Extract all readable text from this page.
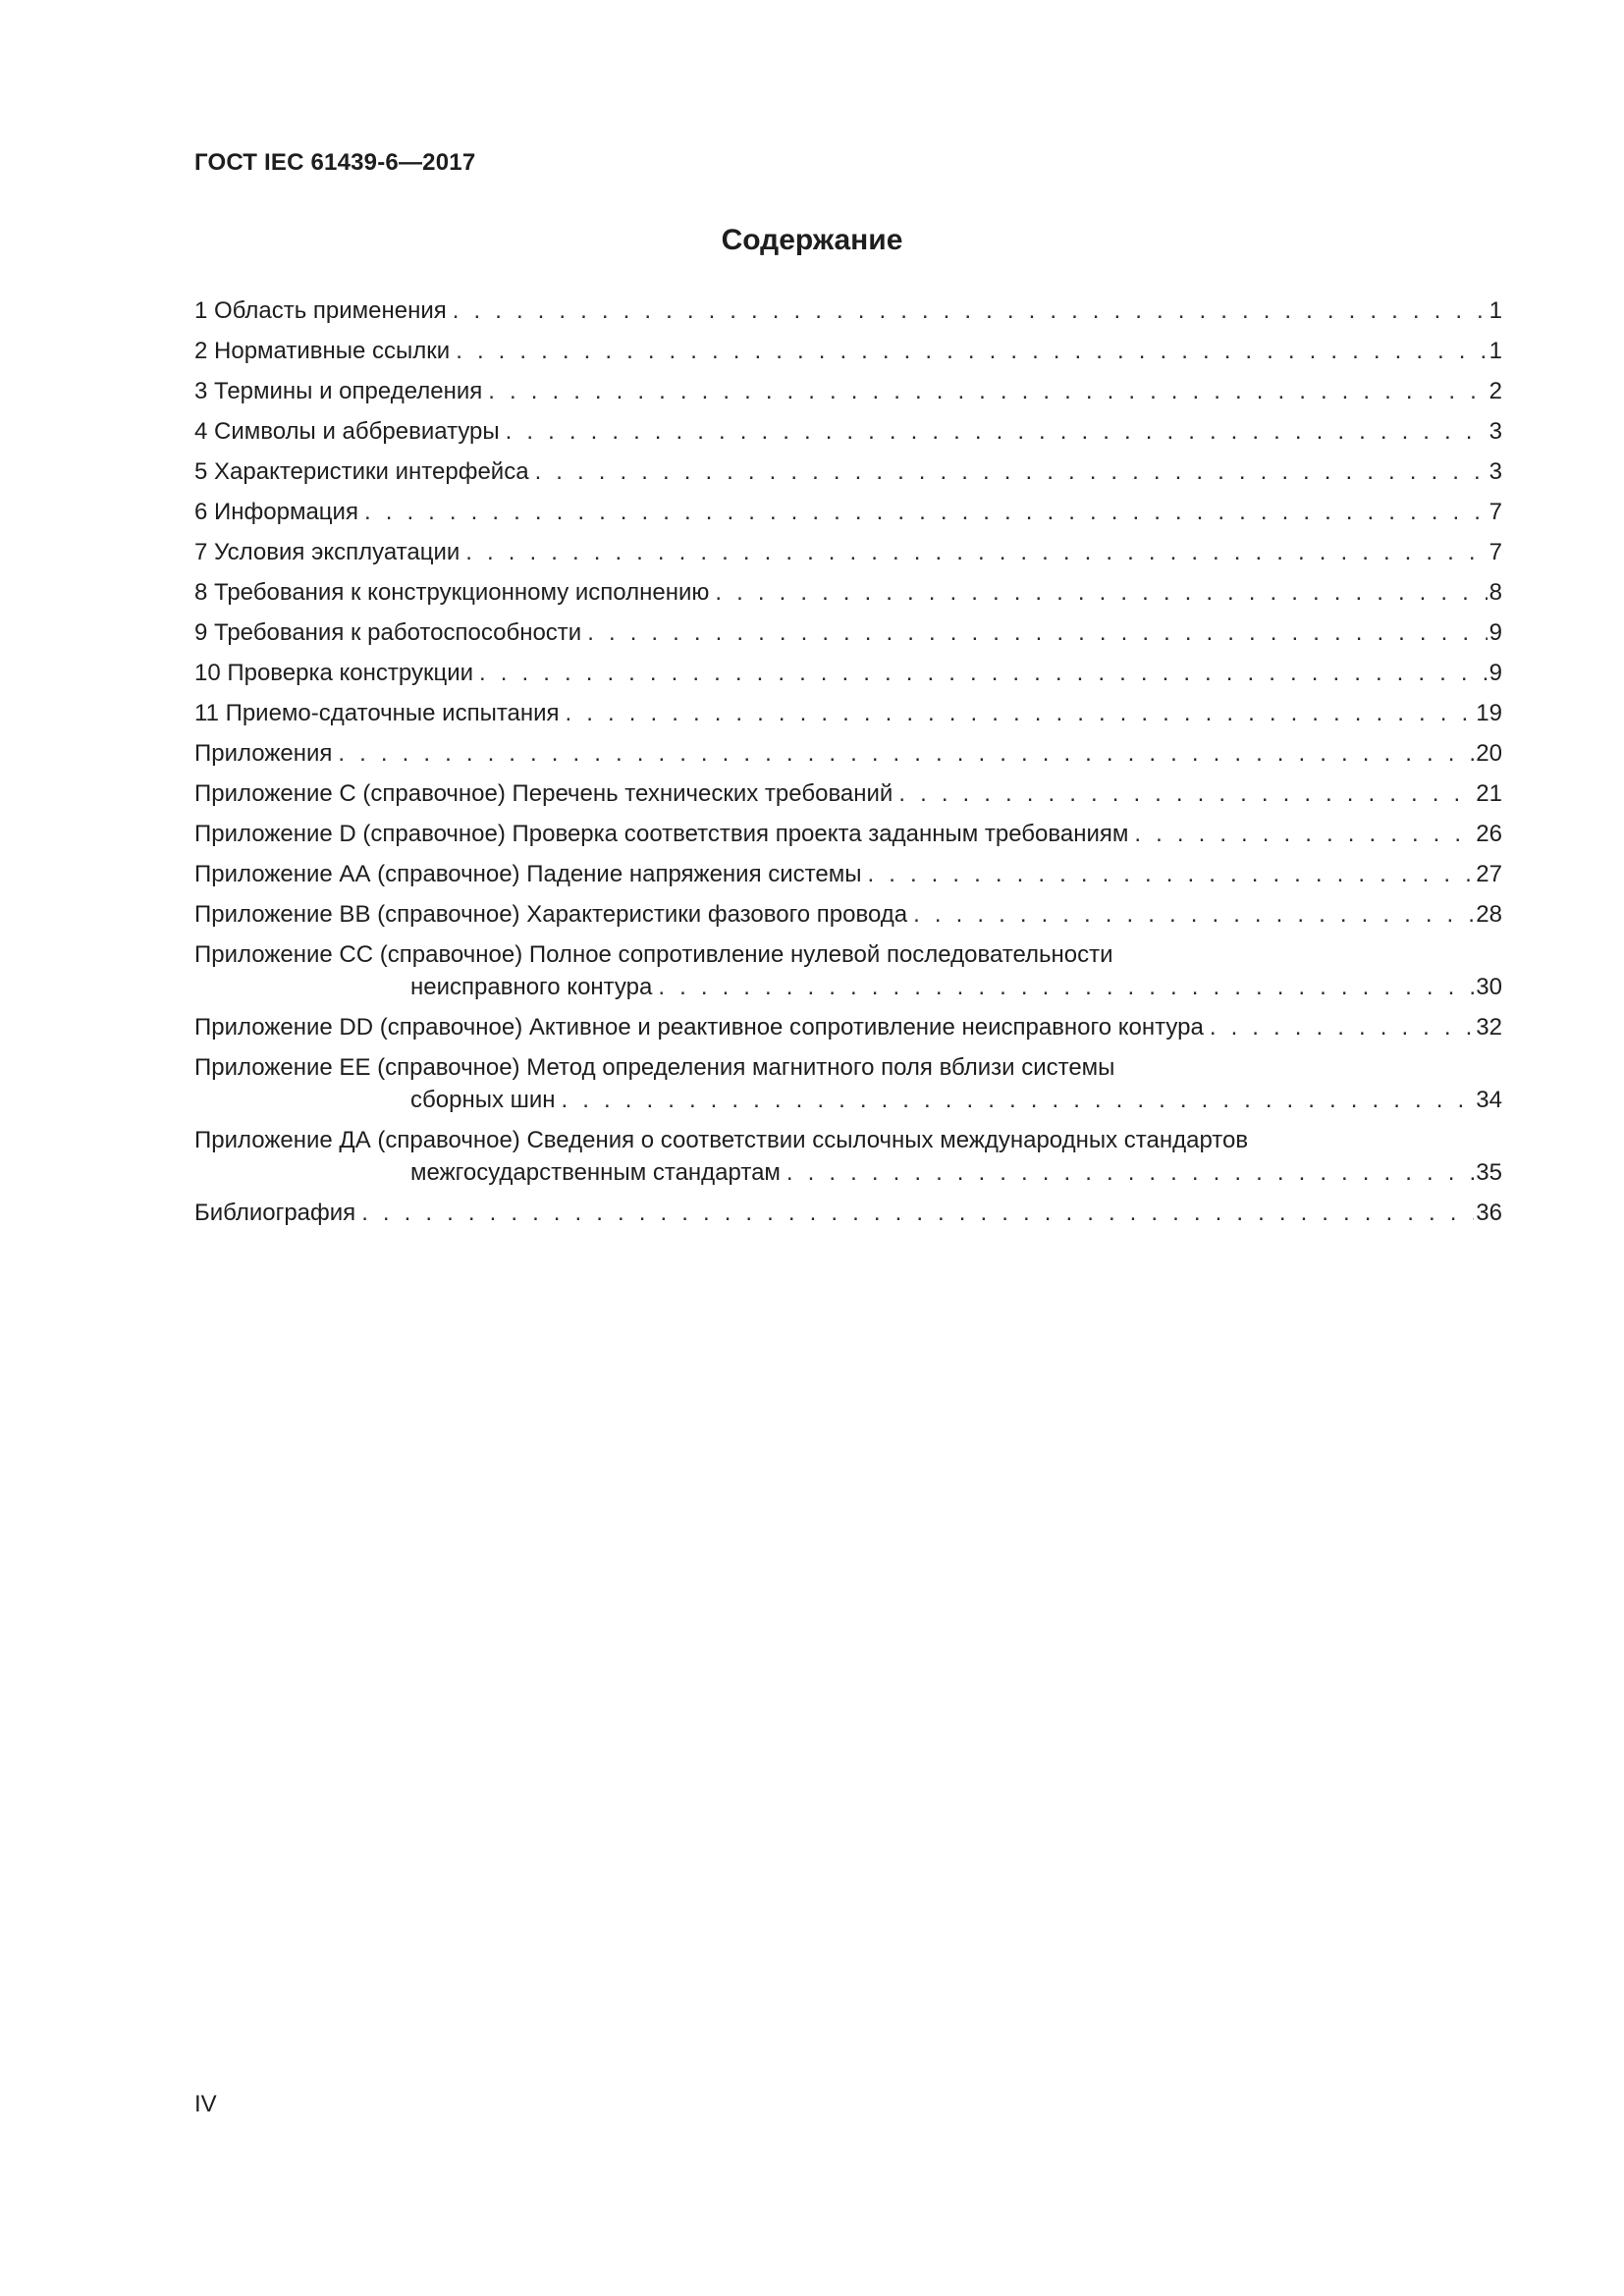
ГОСТ IEC 61439-6—2017
Содержание
1 Область применения . . .	1
2 Нормативные ссылки . . .	1
3 Термины и определения . . .	2
4 Символы и аббревиатуры . . .	3
5 Характеристики интерфейса . . .	3
6 Информация . . .	7
7 Условия эксплуатации . . .	7
8 Требования к конструкционному исполнению . . .	8
9 Требования к работоспособности . . .	9
10 Проверка конструкции . . .	9
11 Приемо-сдаточные испытания . . .	19
Приложения . . .	20
Приложение С (справочное) Перечень технических требований . . .	21
Приложение D (справочное) Проверка соответствия проекта заданным требованиям . . .	26
Приложение АА (справочное) Падение напряжения системы . . .	27
Приложение ВВ (справочное) Характеристики фазового провода . . .	28
Приложение СС (справочное) Полное сопротивление нулевой последовательности
неисправного контура . . .	30
Приложение DD (справочное) Активное и реактивное сопротивление неисправного контура . . .	32
Приложение ЕЕ (справочное) Метод определения магнитного поля вблизи системы
сборных шин . . .	34
Приложение ДА (справочное) Сведения о соответствии ссылочных международных стандартов
межгосударственным стандартам . . .	35
Библиография . . .	36
IV
